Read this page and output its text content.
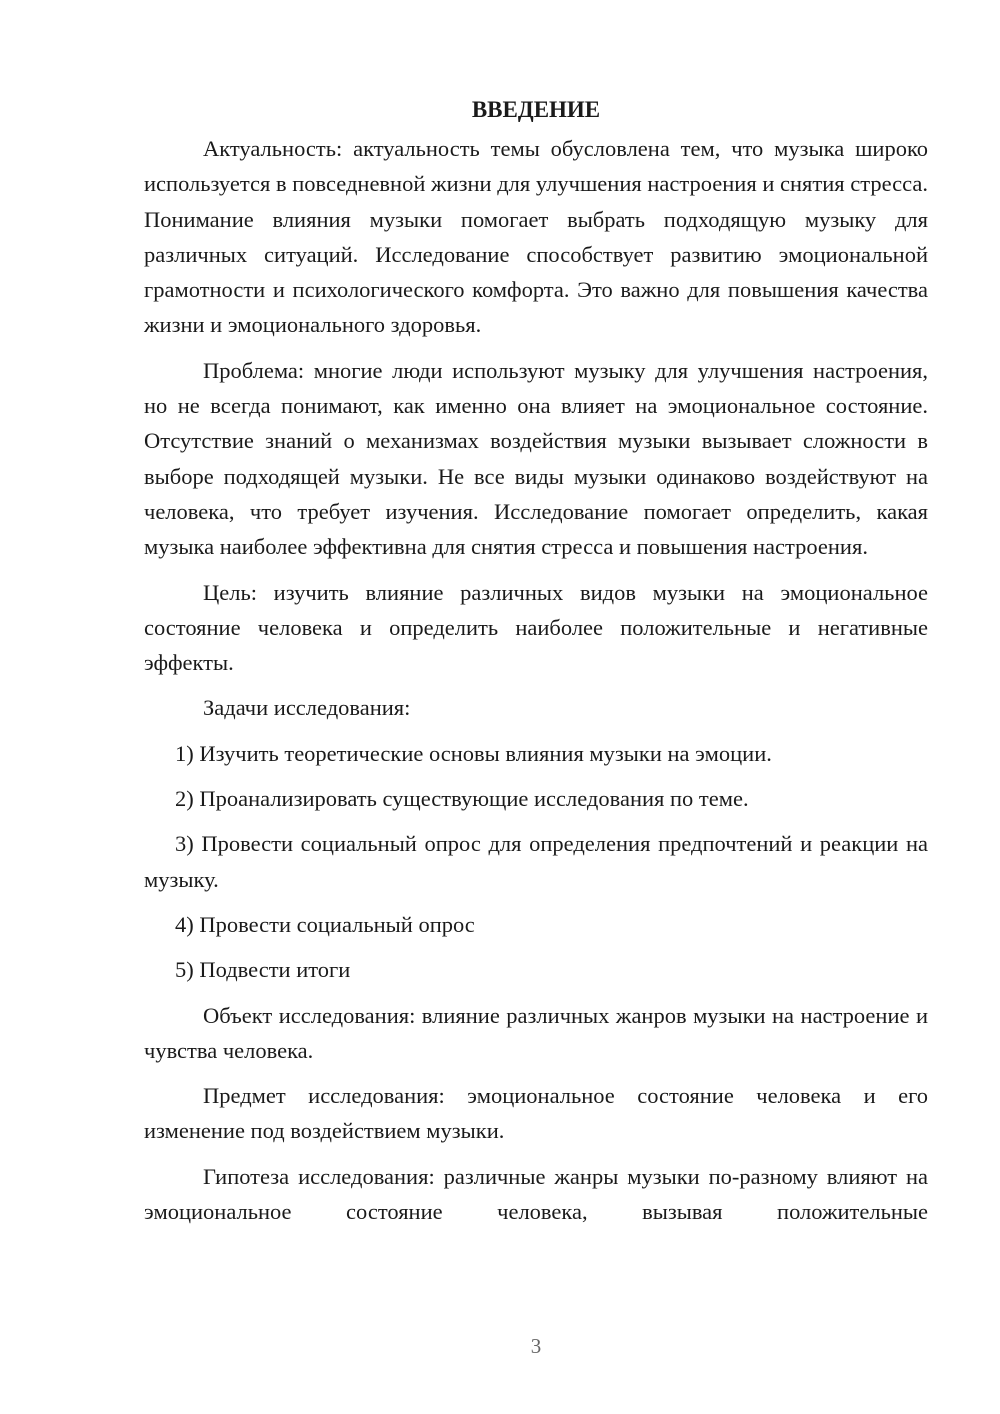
ВВЕДЕНИЕ

Актуальность: актуальность темы обусловлена тем, что музыка широко используется в повседневной жизни для улучшения настроения и снятия стресса. Понимание влияния музыки помогает выбрать подходящую музыку для различных ситуаций. Исследование способствует развитию эмоциональной грамотности и психологического комфорта. Это важно для повышения качества жизни и эмоционального здоровья.

Проблема: многие люди используют музыку для улучшения настроения, но не всегда понимают, как именно она влияет на эмоциональное состояние. Отсутствие знаний о механизмах воздействия музыки вызывает сложности в выборе подходящей музыки. Не все виды музыки одинаково воздействуют на человека, что требует изучения. Исследование помогает определить, какая музыка наиболее эффективна для снятия стресса и повышения настроения.

Цель: изучить влияние различных видов музыки на эмоциональное состояние человека и определить наиболее положительные и негативные эффекты.

Задачи исследования:

1) Изучить теоретические основы влияния музыки на эмоции.

2) Проанализировать существующие исследования по теме.

3) Провести социальный опрос для определения предпочтений и реакции на музыку.

4) Провести социальный опрос

5) Подвести итоги

Объект исследования: влияние различных жанров музыки на настроение и чувства человека.

Предмет исследования: эмоциональное состояние человека и его изменение под воздействием музыки.

Гипотеза исследования: различные жанры музыки по-разному влияют на эмоциональное состояние человека, вызывая положительные

3
